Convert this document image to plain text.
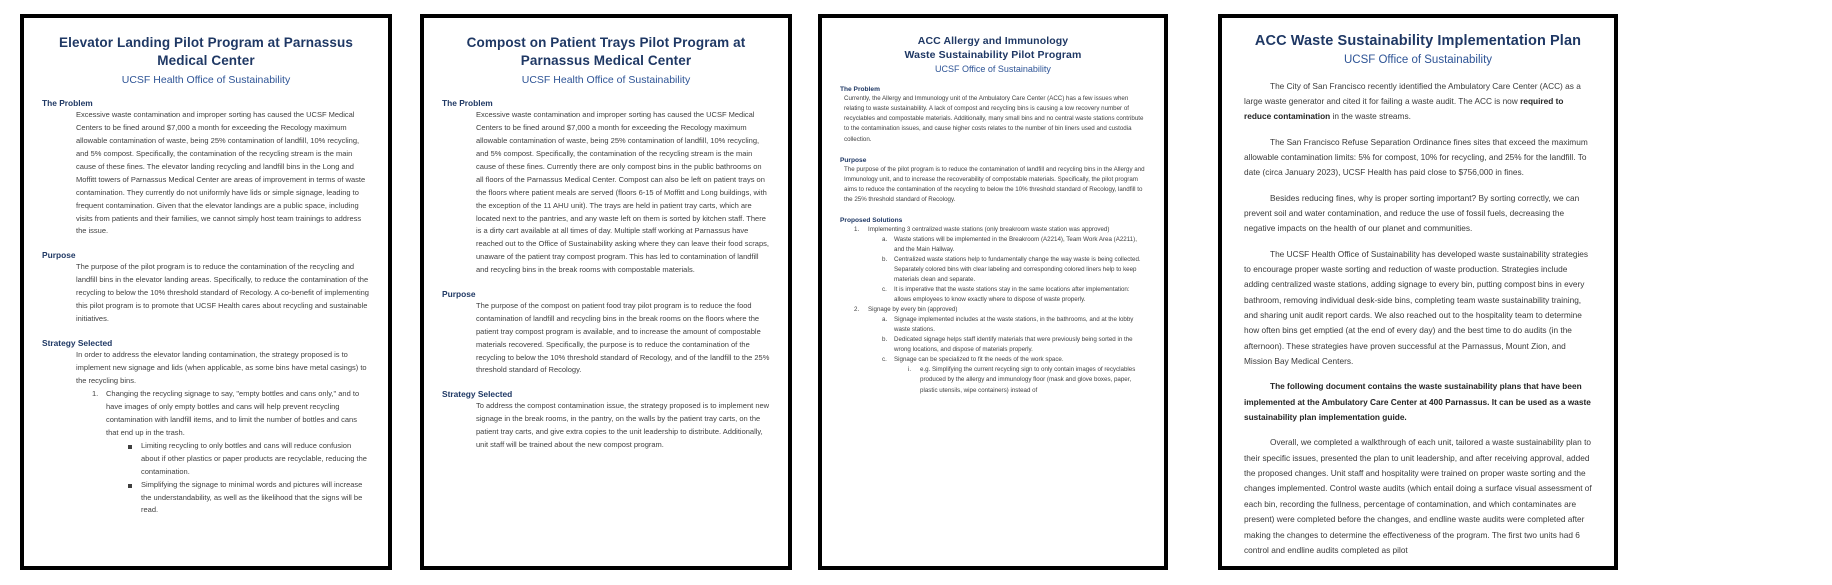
Elevator Landing Pilot Program at Parnassus Medical Center
UCSF Health Office of Sustainability
The Problem

Excessive waste contamination and improper sorting has caused the UCSF Medical Centers to be fined around $7,000 a month for exceeding the Recology maximum allowable contamination of waste, being 25% contamination of landfill, 10% recycling, and 5% compost. Specifically, the contamination of the recycling stream is the main cause of these fines. The elevator landing recycling and landfill bins in the Long and Moffitt towers of Parnassus Medical Center are areas of improvement in terms of waste contamination. They currently do not uniformly have lids or simple signage, leading to frequent contamination. Given that the elevator landings are a public space, including visits from patients and their families, we cannot simply host team trainings to address the issue.

Purpose

The purpose of the pilot program is to reduce the contamination of the recycling and landfill bins in the elevator landing areas. Specifically, to reduce the contamination of the recycling to below the 10% threshold standard of Recology. A co-benefit of implementing this pilot program is to promote that UCSF Health cares about recycling and sustainable initiatives.

Strategy Selected

In order to address the elevator landing contamination, the strategy proposed is to implement new signage and lids (when applicable, as some bins have metal casings) to the recycling bins.

Changing the recycling signage to say, "empty bottles and cans only," and to have images of only empty bottles and cans will help prevent recycling contamination with landfill items, and to limit the number of bottles and cans that end up in the trash.
Limiting recycling to only bottles and cans will reduce confusion about if other plastics or paper products are recyclable, reducing the contamination.
Simplifying the signage to minimal words and pictures will increase the understandability, as well as the likelihood that the signs will be read.
Compost on Patient Trays Pilot Program at Parnassus Medical Center
UCSF Health Office of Sustainability
The Problem

Excessive waste contamination and improper sorting has caused the UCSF Medical Centers to be fined around $7,000 a month for exceeding the Recology maximum allowable contamination of waste, being 25% contamination of landfill, 10% recycling, and 5% compost. Specifically, the contamination of the recycling stream is the main cause of these fines. Currently there are only compost bins in the public bathrooms on all floors of the Parnassus Medical Center. Compost can also be left on patient trays on the floors where patient meals are served (floors 6-15 of Moffitt and Long buildings, with the exception of the 11 AHU unit). The trays are held in patient tray carts, which are located next to the pantries, and any waste left on them is sorted by kitchen staff. There is a dirty cart available at all times of day. Multiple staff working at Parnassus have reached out to the Office of Sustainability asking where they can leave their food scraps, unaware of the patient tray compost program. This has led to contamination of landfill and recycling bins in the break rooms with compostable materials.

Purpose

The purpose of the compost on patient food tray pilot program is to reduce the food contamination of landfill and recycling bins in the break rooms on the floors where the patient tray compost program is available, and to increase the amount of compostable materials recovered. Specifically, the purpose is to reduce the contamination of the recycling to below the 10% threshold standard of Recology, and of the landfill to the 25% threshold standard of Recology.

Strategy Selected

To address the compost contamination issue, the strategy proposed is to implement new signage in the break rooms, in the pantry, on the walls by the patient tray carts, on the patient tray carts, and give extra copies to the unit leadership to distribute. Additionally, unit staff will be trained about the new compost program.

ACC Allergy and Immunology
Waste Sustainability Pilot Program
UCSF Office of Sustainability
The Problem

Currently, the Allergy and Immunology unit of the Ambulatory Care Center (ACC) has a few issues when relating to waste sustainability. A lack of compost and recycling bins is causing a low recovery number of recyclables and compostable materials. Additionally, many small bins and no central waste stations contribute to the contamination issues, and cause higher costs relates to the number of bin liners used and custodia collection.

Purpose

The purpose of the pilot program is to reduce the contamination of landfill and recycling bins in the Allergy and Immunology unit, and to increase the recoverability of compostable materials. Specifically, the pilot program aims to reduce the contamination of the recycling to below the 10% threshold standard of Recology, landfill to the 25% threshold standard of Recology.

Proposed Solutions
Implementing 3 centralized waste stations (only breakroom waste station was approved)
Waste stations will be implemented in the Breakroom (A2214), Team Work Area (A2211), and the Main Hallway.
Centralized waste stations help to fundamentally change the way waste is being collected. Separately colored bins with clear labeling and corresponding colored liners help to keep materials clean and separate.
It is imperative that the waste stations stay in the same locations after implementation: allows employees to know exactly where to dispose of waste properly.
Signage by every bin (approved)
Signage implemented includes at the waste stations, in the bathrooms, and at the lobby waste stations.
Dedicated signage helps staff identify materials that were previously being sorted in the wrong locations, and dispose of materials properly.
Signage can be specialized to fit the needs of the work space.
e.g. Simplifying the current recycling sign to only contain images of recyclables produced by the allergy and immunology floor (mask and glove boxes, paper, plastic utensils, wipe containers) instead of
ACC Waste Sustainability Implementation Plan
UCSF Office of Sustainability

The City of San Francisco recently identified the Ambulatory Care Center (ACC) as a large waste generator and cited it for failing a waste audit. The ACC is now required to reduce contamination in the waste streams.

The San Francisco Refuse Separation Ordinance fines sites that exceed the maximum allowable contamination limits: 5% for compost, 10% for recycling, and 25% for the landfill. To date (circa January 2023), UCSF Health has paid close to $756,000 in fines.

Besides reducing fines, why is proper sorting important? By sorting correctly, we can prevent soil and water contamination, and reduce the use of fossil fuels, decreasing the negative impacts on the health of our planet and communities.

The UCSF Health Office of Sustainability has developed waste sustainability strategies to encourage proper waste sorting and reduction of waste production. Strategies include adding centralized waste stations, adding signage to every bin, putting compost bins in every bathroom, removing individual desk-side bins, completing team waste sustainability training, and sharing unit audit report cards. We also reached out to the hospitality team to determine how often bins get emptied (at the end of every day) and the best time to do audits (in the afternoon). These strategies have proven successful at the Parnassus, Mount Zion, and Mission Bay Medical Centers.

The following document contains the waste sustainability plans that have been implemented at the Ambulatory Care Center at 400 Parnassus. It can be used as a waste sustainability plan implementation guide.

Overall, we completed a walkthrough of each unit, tailored a waste sustainability plan to their specific issues, presented the plan to unit leadership, and after receiving approval, added the proposed changes. Unit staff and hospitality were trained on proper waste sorting and the changes implemented. Control waste audits (which entail doing a surface visual assessment of each bin, recording the fullness, percentage of contamination, and which contaminates are present) were completed before the changes, and endline waste audits were completed after making the changes to determine the effectiveness of the program. The first two units had 6 control and endline audits completed as pilot
